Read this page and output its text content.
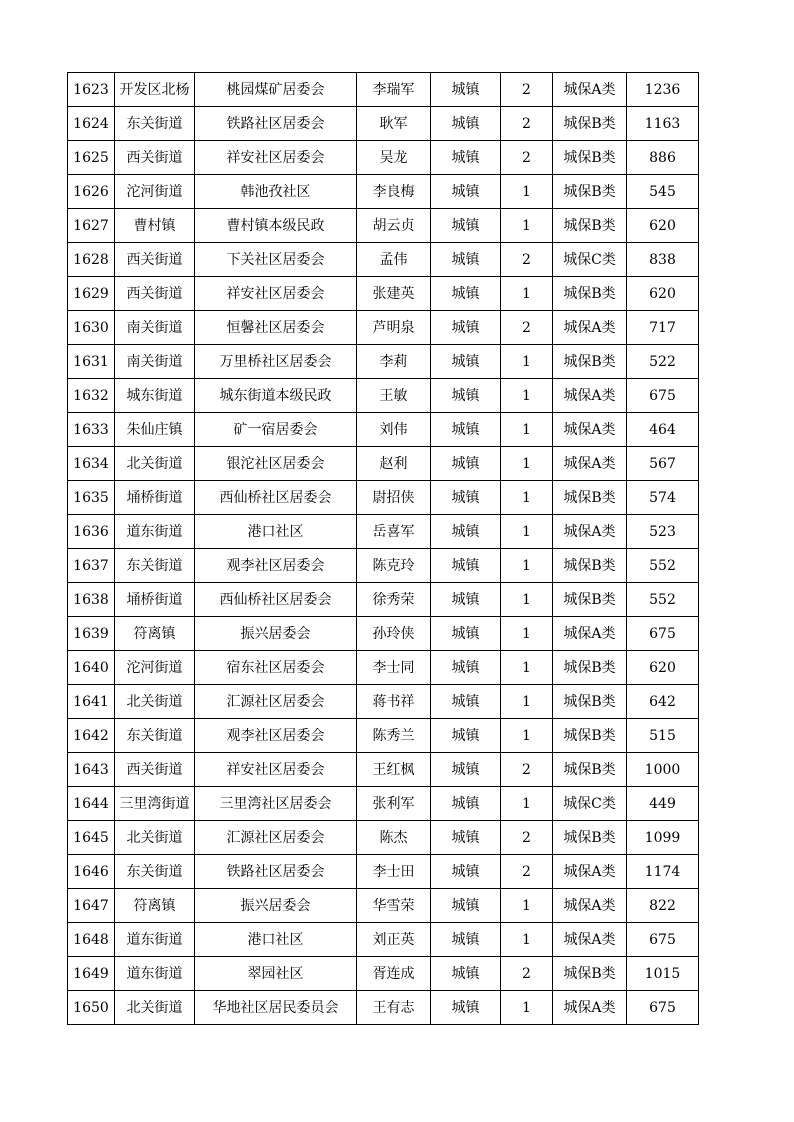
1623	开发区北杨	桃园煤矿居委会	李瑞军	城镇	2	城保A类	1236
1624	东关街道	铁路社区居委会	耿军	城镇	2	城保B类	1163
1625	西关街道	祥安社区居委会	吴龙	城镇	2	城保B类	886
1626	沱河街道	韩池孜社区	李良梅	城镇	1	城保B类	545
1627	曹村镇	曹村镇本级民政	胡云贞	城镇	1	城保B类	620
1628	西关街道	下关社区居委会	孟伟	城镇	2	城保C类	838
1629	西关街道	祥安社区居委会	张建英	城镇	1	城保B类	620
1630	南关街道	恒馨社区居委会	芦明泉	城镇	2	城保A类	717
1631	南关街道	万里桥社区居委会	李莉	城镇	1	城保B类	522
1632	城东街道	城东街道本级民政	王敏	城镇	1	城保A类	675
1633	朱仙庄镇	矿一宿居委会	刘伟	城镇	1	城保A类	464
1634	北关街道	银沱社区居委会	赵利	城镇	1	城保A类	567
1635	埇桥街道	西仙桥社区居委会	尉招侠	城镇	1	城保B类	574
1636	道东街道	港口社区	岳喜军	城镇	1	城保A类	523
1637	东关街道	观李社区居委会	陈克玲	城镇	1	城保B类	552
1638	埇桥街道	西仙桥社区居委会	徐秀荣	城镇	1	城保B类	552
1639	符离镇	振兴居委会	孙玲侠	城镇	1	城保A类	675
1640	沱河街道	宿东社区居委会	李士同	城镇	1	城保B类	620
1641	北关街道	汇源社区居委会	蒋书祥	城镇	1	城保B类	642
1642	东关街道	观李社区居委会	陈秀兰	城镇	1	城保B类	515
1643	西关街道	祥安社区居委会	王红枫	城镇	2	城保B类	1000
1644	三里湾街道	三里湾社区居委会	张利军	城镇	1	城保C类	449
1645	北关街道	汇源社区居委会	陈杰	城镇	2	城保B类	1099
1646	东关街道	铁路社区居委会	李士田	城镇	2	城保A类	1174
1647	符离镇	振兴居委会	华雪荣	城镇	1	城保A类	822
1648	道东街道	港口社区	刘正英	城镇	1	城保A类	675
1649	道东街道	翠园社区	胥连成	城镇	2	城保B类	1015
1650	北关街道	华地社区居民委员会	王有志	城镇	1	城保A类	675
